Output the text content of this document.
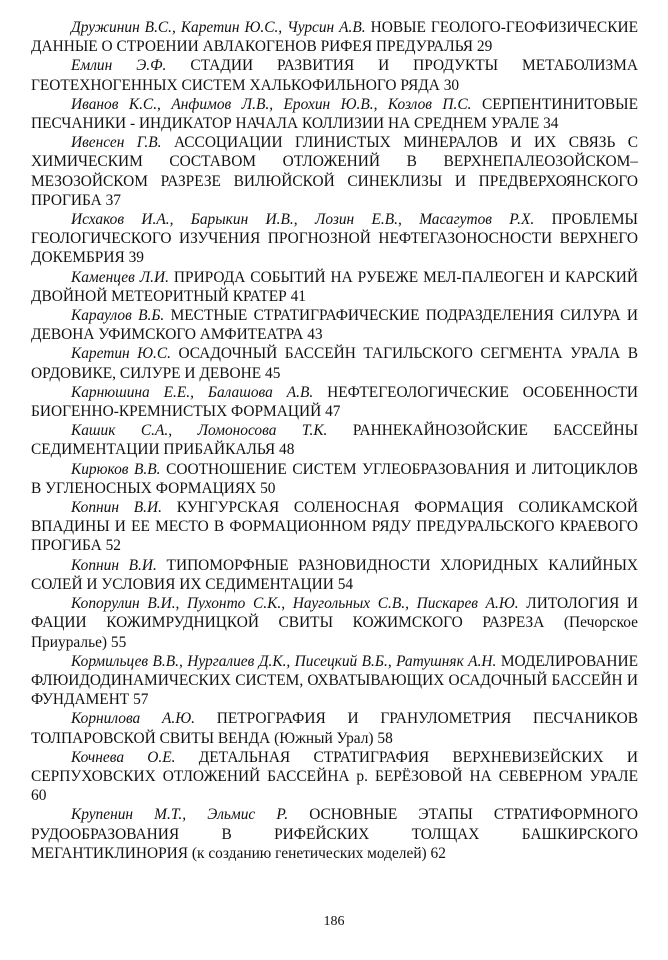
Дружинин В.С., Каретин Ю.С., Чурсин А.В. НОВЫЕ ГЕОЛОГО-ГЕОФИЗИЧЕСКИЕ ДАННЫЕ О СТРОЕНИИ АВЛАКОГЕНОВ РИФЕЯ ПРЕДУРАЛЬЯ 29
Емлин Э.Ф. СТАДИИ РАЗВИТИЯ И ПРОДУКТЫ МЕТАБОЛИЗМА ГЕОТЕХНОГЕННЫХ СИСТЕМ ХАЛЬКОФИЛЬНОГО РЯДА 30
Иванов К.С., Анфимов Л.В., Ерохин Ю.В., Козлов П.С. СЕРПЕНТИНИТОВЫЕ ПЕСЧАНИКИ - ИНДИКАТОР НАЧАЛА КОЛЛИЗИИ НА СРЕДНЕМ УРАЛЕ 34
Ивенсен Г.В. АССОЦИАЦИИ ГЛИНИСТЫХ МИНЕРАЛОВ И ИХ СВЯЗЬ С ХИМИЧЕСКИМ СОСТАВОМ ОТЛОЖЕНИЙ В ВЕРХНЕПАЛЕОЗОЙСКОМ–МЕЗОЗОЙСКОМ РАЗРЕЗЕ ВИЛЮЙСКОЙ СИНЕКЛИЗЫ И ПРЕДВЕРХОЯНСКОГО ПРОГИБА 37
Исхаков И.А., Барыкин И.В., Лозин Е.В., Масагутов Р.Х. ПРОБЛЕМЫ ГЕОЛОГИЧЕСКОГО ИЗУЧЕНИЯ ПРОГНОЗНОЙ НЕФТЕГАЗОНОСНОСТИ ВЕРХНЕГО ДОКЕМБРИЯ 39
Каменцев Л.И. ПРИРОДА СОБЫТИЙ НА РУБЕЖЕ МЕЛ-ПАЛЕОГЕН И КАРСКИЙ ДВОЙНОЙ МЕТЕОРИТНЫЙ КРАТЕР 41
Караулов В.Б. МЕСТНЫЕ СТРАТИГРАФИЧЕСКИЕ ПОДРАЗДЕЛЕНИЯ СИЛУРА И ДЕВОНА УФИМСКОГО АМФИТЕАТРА 43
Каретин Ю.С. ОСАДОЧНЫЙ БАССЕЙН ТАГИЛЬСКОГО СЕГМЕНТА УРАЛА В ОРДОВИКЕ, СИЛУРЕ И ДЕВОНЕ 45
Карнюшина Е.Е., Балашова А.В. НЕФТЕГЕОЛОГИЧЕСКИЕ ОСОБЕННОСТИ БИОГЕННО-КРЕМНИСТЫХ ФОРМАЦИЙ 47
Кашик С.А., Ломоносова Т.К. РАННЕКАЙНОЗОЙСКИЕ БАССЕЙНЫ СЕДИМЕНТАЦИИ ПРИБАЙКАЛЬЯ 48
Кирюков В.В. СООТНОШЕНИЕ СИСТЕМ УГЛЕОБРАЗОВАНИЯ И ЛИТОЦИКЛОВ В УГЛЕНОСНЫХ ФОРМАЦИЯХ 50
Копнин В.И. КУНГУРСКАЯ СОЛЕНОСНАЯ ФОРМАЦИЯ СОЛИКАМСКОЙ ВПАДИНЫ И ЕЕ МЕСТО В ФОРМАЦИОННОМ РЯДУ ПРЕДУРАЛЬСКОГО КРАЕВОГО ПРОГИБА 52
Копнин В.И. ТИПОМОРФНЫЕ РАЗНОВИДНОСТИ ХЛОРИДНЫХ КАЛИЙНЫХ СОЛЕЙ И УСЛОВИЯ ИХ СЕДИМЕНТАЦИИ 54
Копорулин В.И., Пухонто С.К., Наугольных С.В., Пискарев А.Ю. ЛИТОЛОГИЯ И ФАЦИИ КОЖИМРУДНИЦКОЙ СВИТЫ КОЖИМСКОГО РАЗРЕЗА (Печорское Приуралье) 55
Кормильцев В.В., Нургалиев Д.К., Писецкий В.Б., Ратушняк А.Н. МОДЕЛИРОВАНИЕ ФЛЮИДОДИНАМИЧЕСКИХ СИСТЕМ, ОХВАТЫВАЮЩИХ ОСАДОЧНЫЙ БАССЕЙН И ФУНДАМЕНТ 57
Корнилова А.Ю. ПЕТРОГРАФИЯ И ГРАНУЛОМЕТРИЯ ПЕСЧАНИКОВ ТОЛПАРОВСКОЙ СВИТЫ ВЕНДА (Южный Урал) 58
Кочнева О.Е. ДЕТАЛЬНАЯ СТРАТИГРАФИЯ ВЕРХНЕВИЗЕЙСКИХ И СЕРПУХОВСКИХ ОТЛОЖЕНИЙ БАССЕЙНА р. БЕРЁЗОВОЙ НА СЕВЕРНОМ УРАЛЕ
60
Крупенин М.Т., Эльмис Р. ОСНОВНЫЕ ЭТАПЫ СТРАТИФОРМНОГО РУДООБРАЗОВАНИЯ В РИФЕЙСКИХ ТОЛЩАХ БАШКИРСКОГО МЕГАНТИКЛИНОРИЯ (к созданию генетических моделей) 62
186
